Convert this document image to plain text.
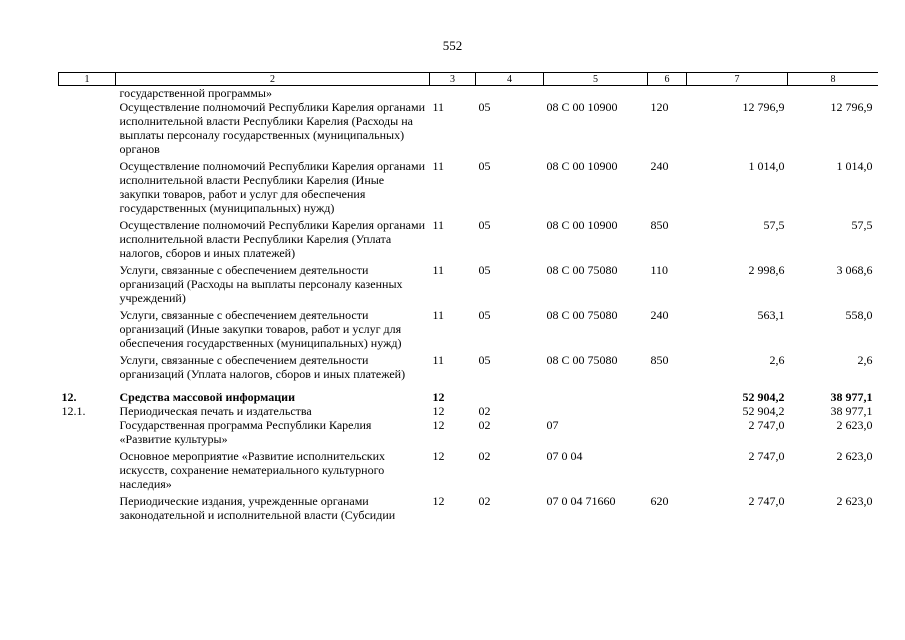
552
1	2	3	4	5	6	7	8
	государственной программы»						
	Осуществление полномочий Республики Карелия органами исполнительной власти Республики Карелия (Расходы на выплаты персоналу государственных (муниципальных) органов	11	05	08 С 00 10900	120	12 796,9	12 796,9
	Осуществление полномочий Республики Карелия органами исполнительной власти Республики Карелия (Иные закупки товаров, работ и услуг для обеспечения государственных (муниципальных) нужд)	11	05	08 С 00 10900	240	1 014,0	1 014,0
	Осуществление полномочий Республики Карелия органами исполнительной власти Республики Карелия (Уплата налогов, сборов и иных платежей)	11	05	08 С 00 10900	850	57,5	57,5
	Услуги, связанные с обеспечением деятельности организаций (Расходы на выплаты персоналу казенных учреждений)	11	05	08 С 00 75080	110	2 998,6	3 068,6
	Услуги, связанные с обеспечением деятельности организаций (Иные закупки товаров, работ и услуг для обеспечения государственных (муниципальных) нужд)	11	05	08 С 00 75080	240	563,1	558,0
	Услуги, связанные с обеспечением деятельности организаций (Уплата налогов, сборов и иных платежей)	11	05	08 С 00 75080	850	2,6	2,6

12.	Средства массовой информации	12				52 904,2	38 977,1
12.1.	Периодическая печать и издательства	12	02			52 904,2	38 977,1
	Государственная программа Республики Карелия «Развитие культуры»	12	02	07		2 747,0	2 623,0
	Основное мероприятие «Развитие исполнительских искусств, сохранение нематериального культурного наследия»	12	02	07 0 04		2 747,0	2 623,0
	Периодические издания, учрежденные органами законодательной и исполнительной власти (Субсидии	12	02	07 0 04 71660	620	2 747,0	2 623,0
